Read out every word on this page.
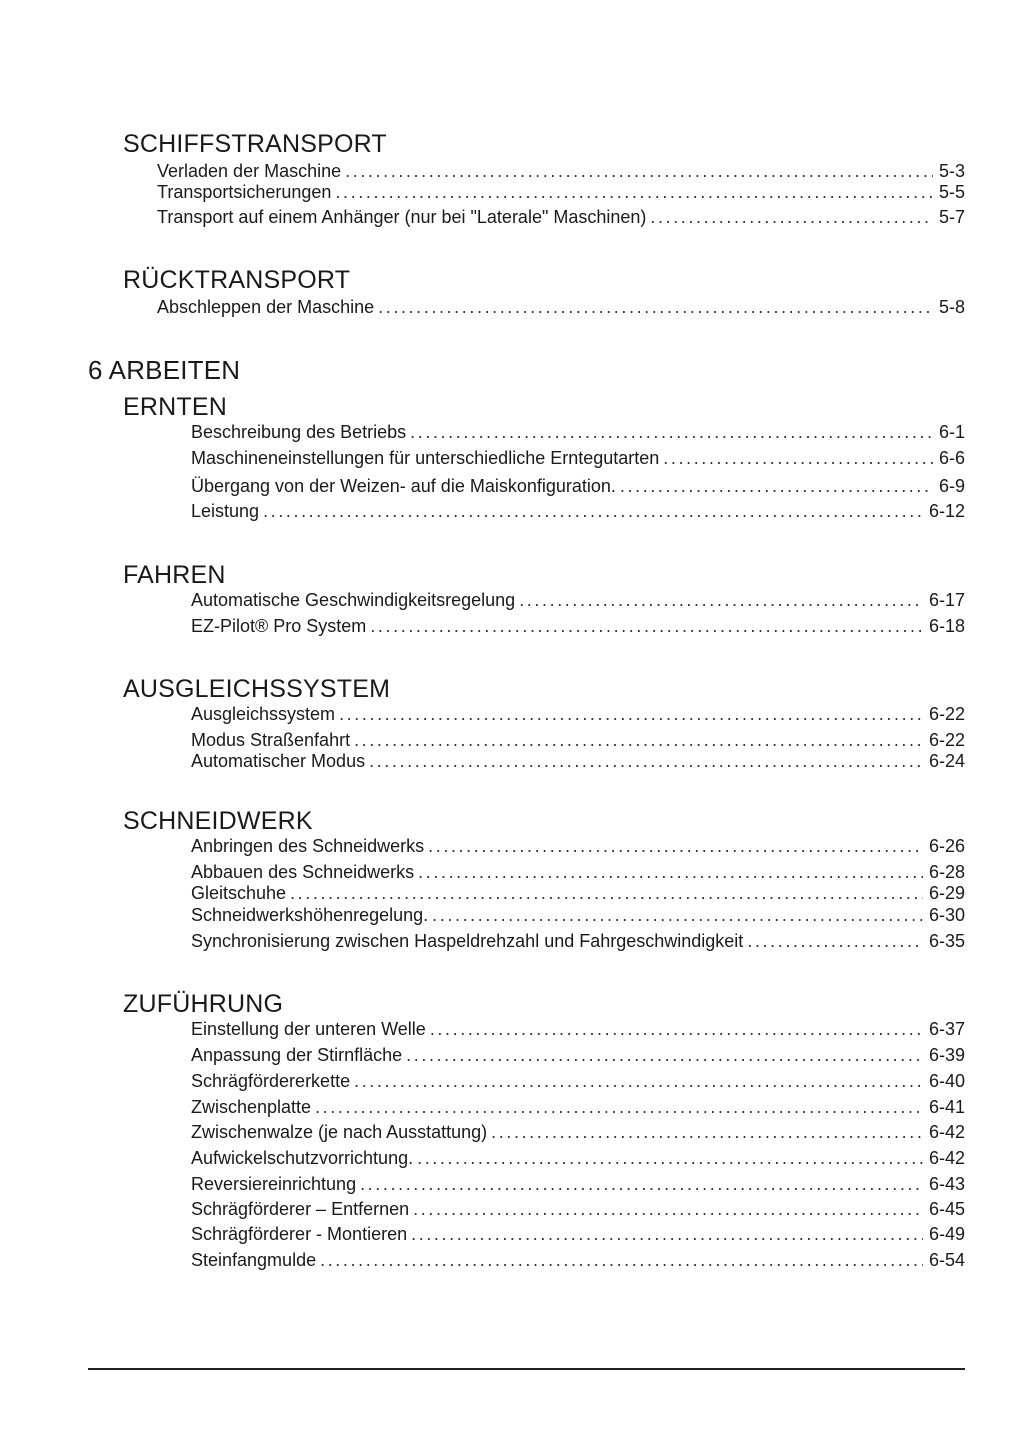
SCHIFFSTRANSPORT
Verladen der Maschine . . .	5-3
Transportsicherungen . . .	5-5
Transport auf einem Anhänger (nur bei "Laterale" Maschinen) . . .	5-7
RÜCKTRANSPORT
Abschleppen der Maschine . . .	5-8
6 ARBEITEN
ERNTEN
Beschreibung des Betriebs . . .	6-1
Maschineneinstellungen für unterschiedliche Erntegutarten . . .	6-6
Übergang von der Weizen- auf die Maiskonfiguration. . . .	6-9
Leistung . . .	6-12
FAHREN
Automatische Geschwindigkeitsregelung . . .	6-17
EZ-Pilot® Pro System . . .	6-18
AUSGLEICHSSYSTEM
Ausgleichssystem . . .	6-22
Modus Straßenfahrt . . .	6-22
Automatischer Modus . . .	6-24
SCHNEIDWERK
Anbringen des Schneidwerks . . .	6-26
Abbauen des Schneidwerks . . .	6-28
Gleitschuhe . . .	6-29
Schneidwerkshöhenregelung. . . .	6-30
Synchronisierung zwischen Haspeldrehzahl und Fahrgeschwindigkeit . . .	6-35
ZUFÜHRUNG
Einstellung der unteren Welle . . .	6-37
Anpassung der Stirnfläche . . .	6-39
Schrägfördererkette . . .	6-40
Zwischenplatte . . .	6-41
Zwischenwalze (je nach Ausstattung) . . .	6-42
Aufwickelschutzvorrichtung. . . .	6-42
Reversiereinrichtung . . .	6-43
Schrägförderer – Entfernen . . .	6-45
Schrägförderer - Montieren . . .	6-49
Steinfangmulde . . .	6-54
